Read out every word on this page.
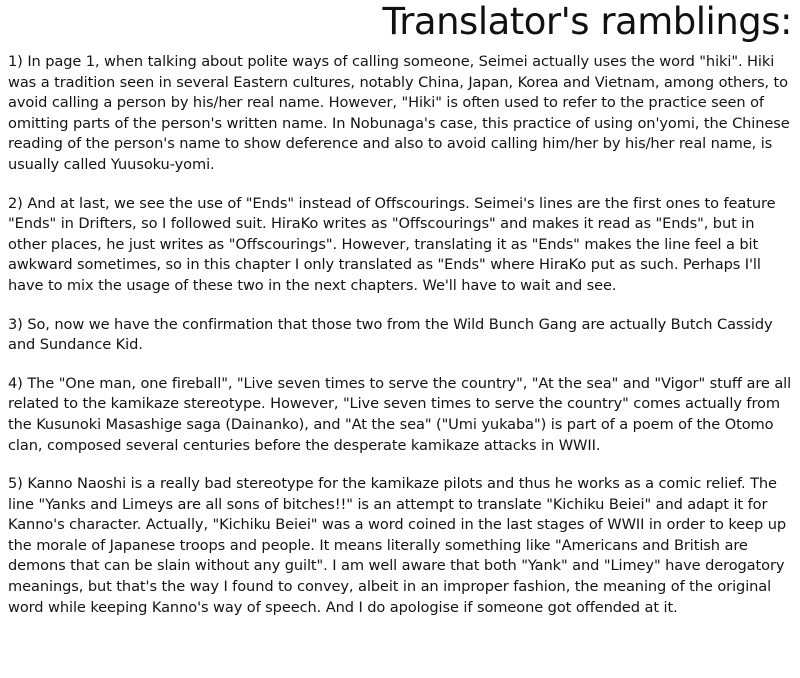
Translator's ramblings:

1) In page 1, when talking about polite ways of calling someone, Seimei actually uses the word "hiki". Hiki was a tradition seen in several Eastern cultures, notably China, Japan, Korea and Vietnam, among others, to avoid calling a person by his/her real name. However, "Hiki" is often used to refer to the practice seen of omitting parts of the person's written name. In Nobunaga's case, this practice of using on'yomi, the Chinese reading of the person's name to show deference and also to avoid calling him/her by his/her real name, is usually called Yuusoku-yomi.

2) And at last, we see the use of "Ends" instead of Offscourings. Seimei's lines are the first ones to feature "Ends" in Drifters, so I followed suit. HiraKo writes as "Offscourings" and makes it read as "Ends", but in other places, he just writes as "Offscourings". However, translating it as "Ends" makes the line feel a bit awkward sometimes, so in this chapter I only translated as "Ends" where HiraKo put as such. Perhaps I'll have to mix the usage of these two in the next chapters. We'll have to wait and see.

3) So, now we have the confirmation that those two from the Wild Bunch Gang are actually Butch Cassidy and Sundance Kid.

4) The "One man, one fireball", "Live seven times to serve the country", "At the sea" and "Vigor" stuff are all related to the kamikaze stereotype. However, "Live seven times to serve the country" comes actually from the Kusunoki Masashige saga (Dainanko), and "At the sea" ("Umi yukaba") is part of a poem of the Otomo clan, composed several centuries before the desperate kamikaze attacks in WWII.

5) Kanno Naoshi is a really bad stereotype for the kamikaze pilots and thus he works as a comic relief. The line "Yanks and Limeys are all sons of bitches!!" is an attempt to translate "Kichiku Beiei" and adapt it for Kanno's character. Actually, "Kichiku Beiei" was a word coined in the last stages of WWII in order to keep up the morale of Japanese troops and people. It means literally something like "Americans and British are demons that can be slain without any guilt". I am well aware that both "Yank" and "Limey" have derogatory meanings, but that's the way I found to convey, albeit in an improper fashion, the meaning of the original word while keeping Kanno's way of speech. And I do apologise if someone got offended at it.
